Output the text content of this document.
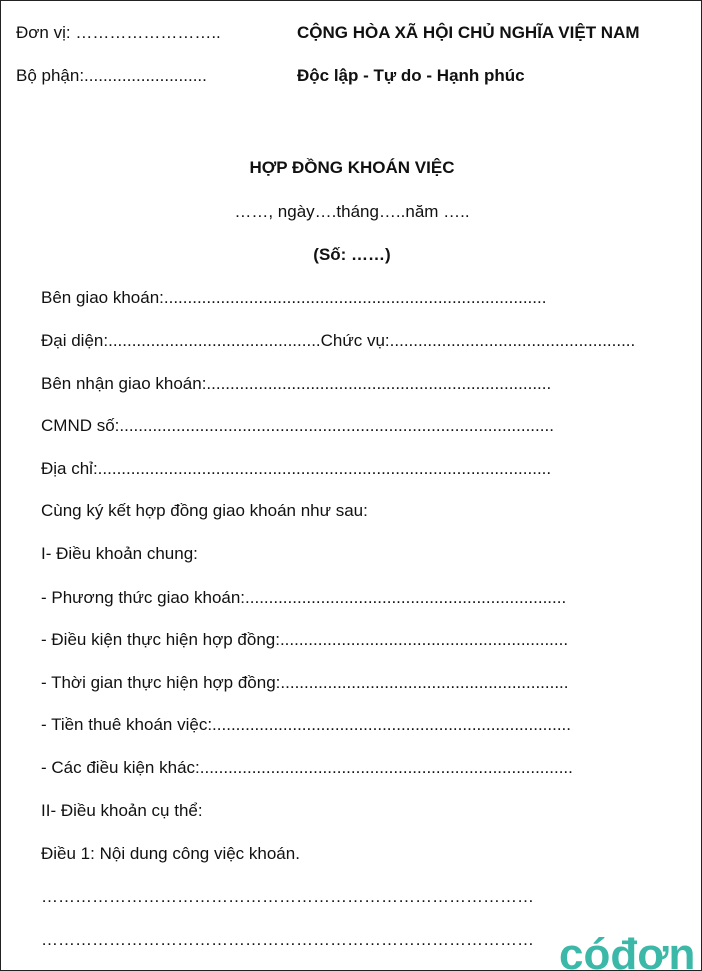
Đơn vị: ……………………..
Bộ phận:..........................
CỘNG HÒA XÃ HỘI CHỦ NGHĨA VIỆT NAM
Độc lập - Tự do - Hạnh phúc
HỢP ĐỒNG KHOÁN VIỆC
……, ngày….tháng…..năm …..
(Số: ……)
Bên giao khoán:.................................................................................
Đại diện:.............................................Chức vụ:....................................................
Bên nhận giao khoán:.........................................................................
CMND số:............................................................................................
Địa chỉ:................................................................................................
Cùng ký kết hợp đồng giao khoán như sau:
I- Điều khoản chung:
- Phương thức giao khoán:....................................................................
- Điều kiện thực hiện hợp đồng:.............................................................
- Thời gian thực hiện hợp đồng:.............................................................
- Tiền thuê khoán việc:............................................................................
- Các điều kiện khác:...............................................................................
II- Điều khoản cụ thể:
Điều 1: Nội dung công việc khoán.
……………………………………………………………………………
…………………………………………………………………………… cóđơn
